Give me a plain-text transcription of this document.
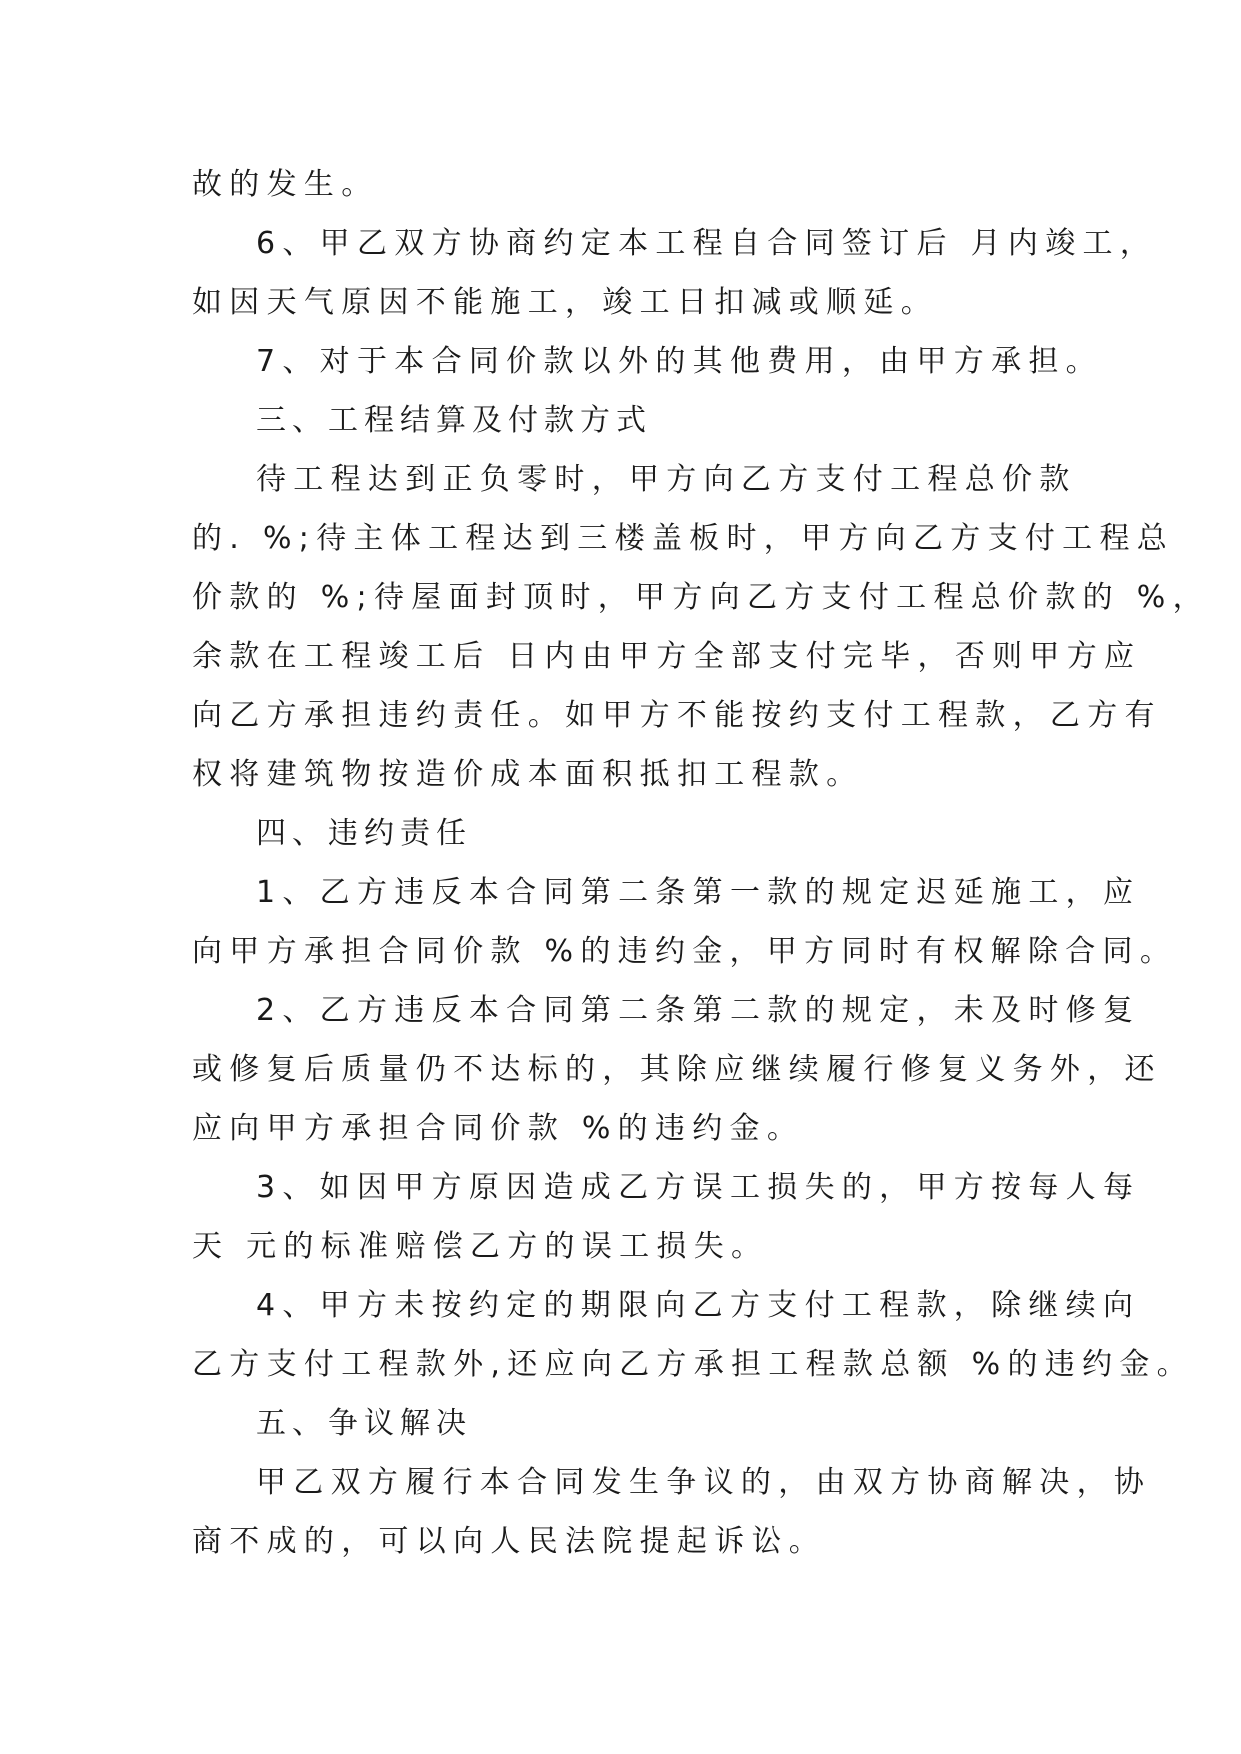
故的发生。

6、甲乙双方协商约定本工程自合同签订后 月内竣工，

如因天气原因不能施工，竣工日扣减或顺延。

7、对于本合同价款以外的其他费用，由甲方承担。

三、工程结算及付款方式

待工程达到正负零时，甲方向乙方支付工程总价款

的. %;待主体工程达到三楼盖板时，甲方向乙方支付工程总

价款的 %;待屋面封顶时，甲方向乙方支付工程总价款的 %，

余款在工程竣工后 日内由甲方全部支付完毕，否则甲方应

向乙方承担违约责任。如甲方不能按约支付工程款，乙方有

权将建筑物按造价成本面积抵扣工程款。

四、违约责任

1、乙方违反本合同第二条第一款的规定迟延施工，应

向甲方承担合同价款 %的违约金，甲方同时有权解除合同。

2、乙方违反本合同第二条第二款的规定，未及时修复

或修复后质量仍不达标的，其除应继续履行修复义务外，还

应向甲方承担合同价款 %的违约金。

3、如因甲方原因造成乙方误工损失的，甲方按每人每

天 元的标准赔偿乙方的误工损失。

4、甲方未按约定的期限向乙方支付工程款，除继续向

乙方支付工程款外,还应向乙方承担工程款总额 %的违约金。

五、争议解决

甲乙双方履行本合同发生争议的，由双方协商解决，协

商不成的，可以向人民法院提起诉讼。
